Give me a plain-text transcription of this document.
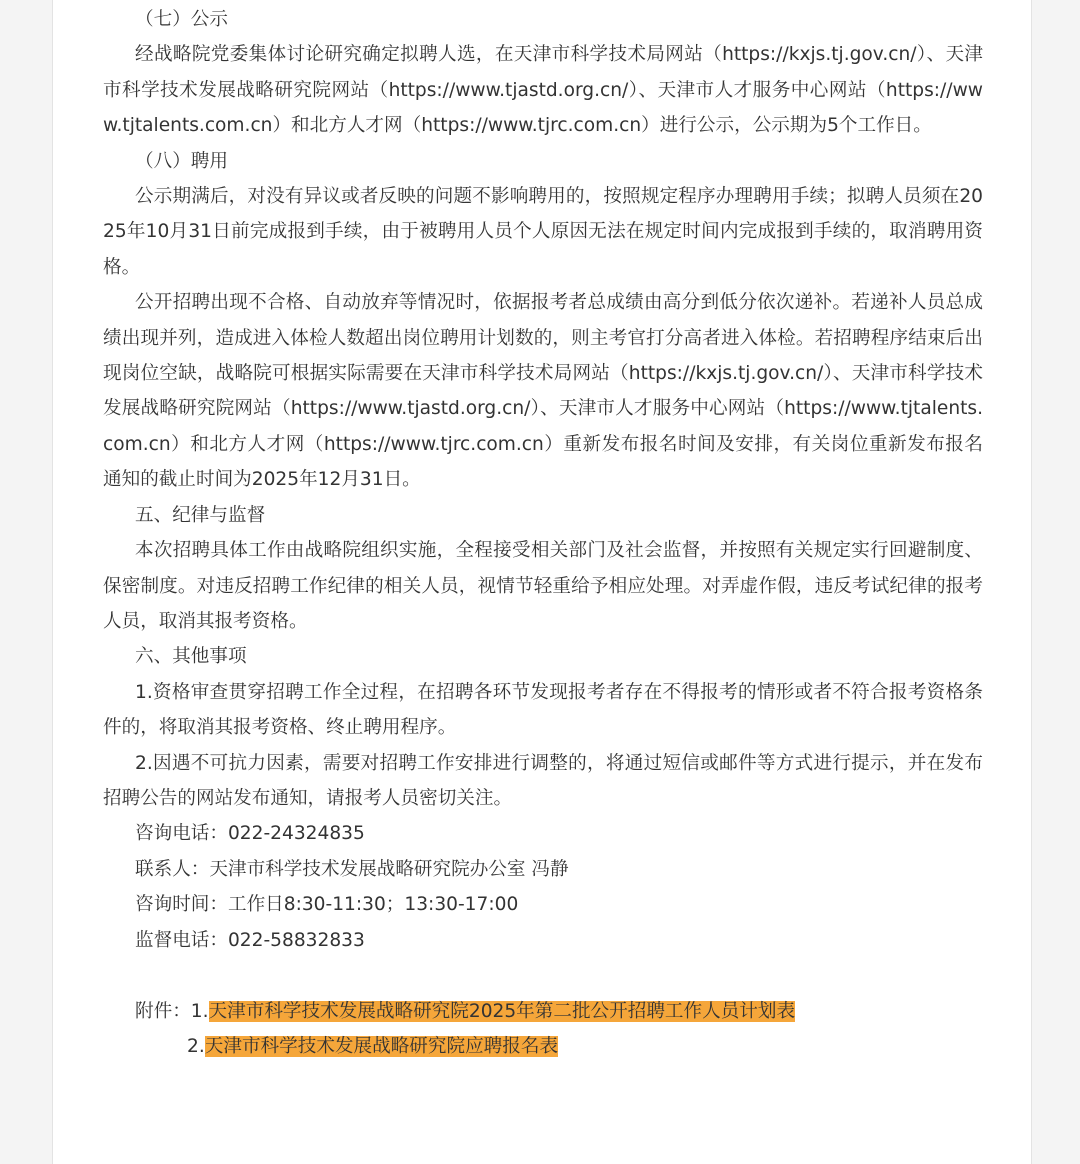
（七）公示

经战略院党委集体讨论研究确定拟聘人选，在天津市科学技术局网站（https://kxjs.tj.gov.cn/）、天津市科学技术发展战略研究院网站（https://www.tjastd.org.cn/）、天津市人才服务中心网站（https://www.tjtalents.com.cn）和北方人才网（https://www.tjrc.com.cn）进行公示，公示期为5个工作日。

（八）聘用

公示期满后，对没有异议或者反映的问题不影响聘用的，按照规定程序办理聘用手续；拟聘人员须在2025年10月31日前完成报到手续，由于被聘用人员个人原因无法在规定时间内完成报到手续的，取消聘用资格。

公开招聘出现不合格、自动放弃等情况时，依据报考者总成绩由高分到低分依次递补。若递补人员总成绩出现并列，造成进入体检人数超出岗位聘用计划数的，则主考官打分高者进入体检。若招聘程序结束后出现岗位空缺，战略院可根据实际需要在天津市科学技术局网站（https://kxjs.tj.gov.cn/）、天津市科学技术发展战略研究院网站（https://www.tjastd.org.cn/）、天津市人才服务中心网站（https://www.tjtalents.com.cn）和北方人才网（https://www.tjrc.com.cn）重新发布报名时间及安排，有关岗位重新发布报名通知的截止时间为2025年12月31日。

五、纪律与监督

本次招聘具体工作由战略院组织实施，全程接受相关部门及社会监督，并按照有关规定实行回避制度、保密制度。对违反招聘工作纪律的相关人员，视情节轻重给予相应处理。对弄虚作假，违反考试纪律的报考人员，取消其报考资格。

六、其他事项

1.资格审查贯穿招聘工作全过程，在招聘各环节发现报考者存在不得报考的情形或者不符合报考资格条件的，将取消其报考资格、终止聘用程序。

2.因遇不可抗力因素，需要对招聘工作安排进行调整的，将通过短信或邮件等方式进行提示，并在发布招聘公告的网站发布通知，请报考人员密切关注。

咨询电话：022-24324835

联系人：天津市科学技术发展战略研究院办公室 冯静

咨询时间：工作日8:30-11:30；13:30-17:00

监督电话：022-58832833

附件：1.天津市科学技术发展战略研究院2025年第二批公开招聘工作人员计划表

2.天津市科学技术发展战略研究院应聘报名表
